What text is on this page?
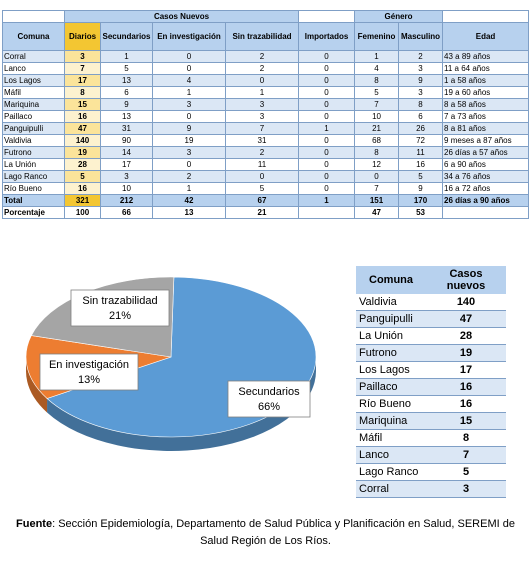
	Casos Nuevos					Género		
Comuna	Diarios	Secundarios	En investigación	Sin trazabilidad	Importados	Femenino	Masculino	Edad
Corral	3	1	0	2	0	1	2	43 a 89 años
Lanco	7	5	0	2	0	4	3	11 a 64 años
Los Lagos	17	13	4	0	0	8	9	1 a 58 años
Máfil	8	6	1	1	0	5	3	19 a 60 años
Mariquina	15	9	3	3	0	7	8	8 a 58 años
Paillaco	16	13	0	3	0	10	6	7 a 73 años
Panguipulli	47	31	9	7	1	21	26	8 a 81 años
Valdivia	140	90	19	31	0	68	72	9 meses a 87 años
Futrono	19	14	3	2	0	8	11	26 días a 57 años
La Unión	28	17	0	11	0	12	16	6 a 90 años
Lago Ranco	5	3	2	0	0	0	5	34 a 76 años
Río Bueno	16	10	1	5	0	7	9	16 a 72 años
Total	321	212	42	67	1	151	170	26 días a 90 años
Porcentaje	100	66	13	21		47	53	
Secundarios
66%
En investigación
13%
Sin trazabilidad
21%
Comuna	Casos nuevos
Valdivia	140
Panguipulli	47
La Unión	28
Futrono	19
Los Lagos	17
Paillaco	16
Río Bueno	16
Mariquina	15
Máfil	8
Lanco	7
Lago Ranco	5
Corral	3
Fuente: Sección Epidemiología, Departamento de Salud Pública y Planificación en Salud, SEREMI de Salud Región de Los Ríos.
